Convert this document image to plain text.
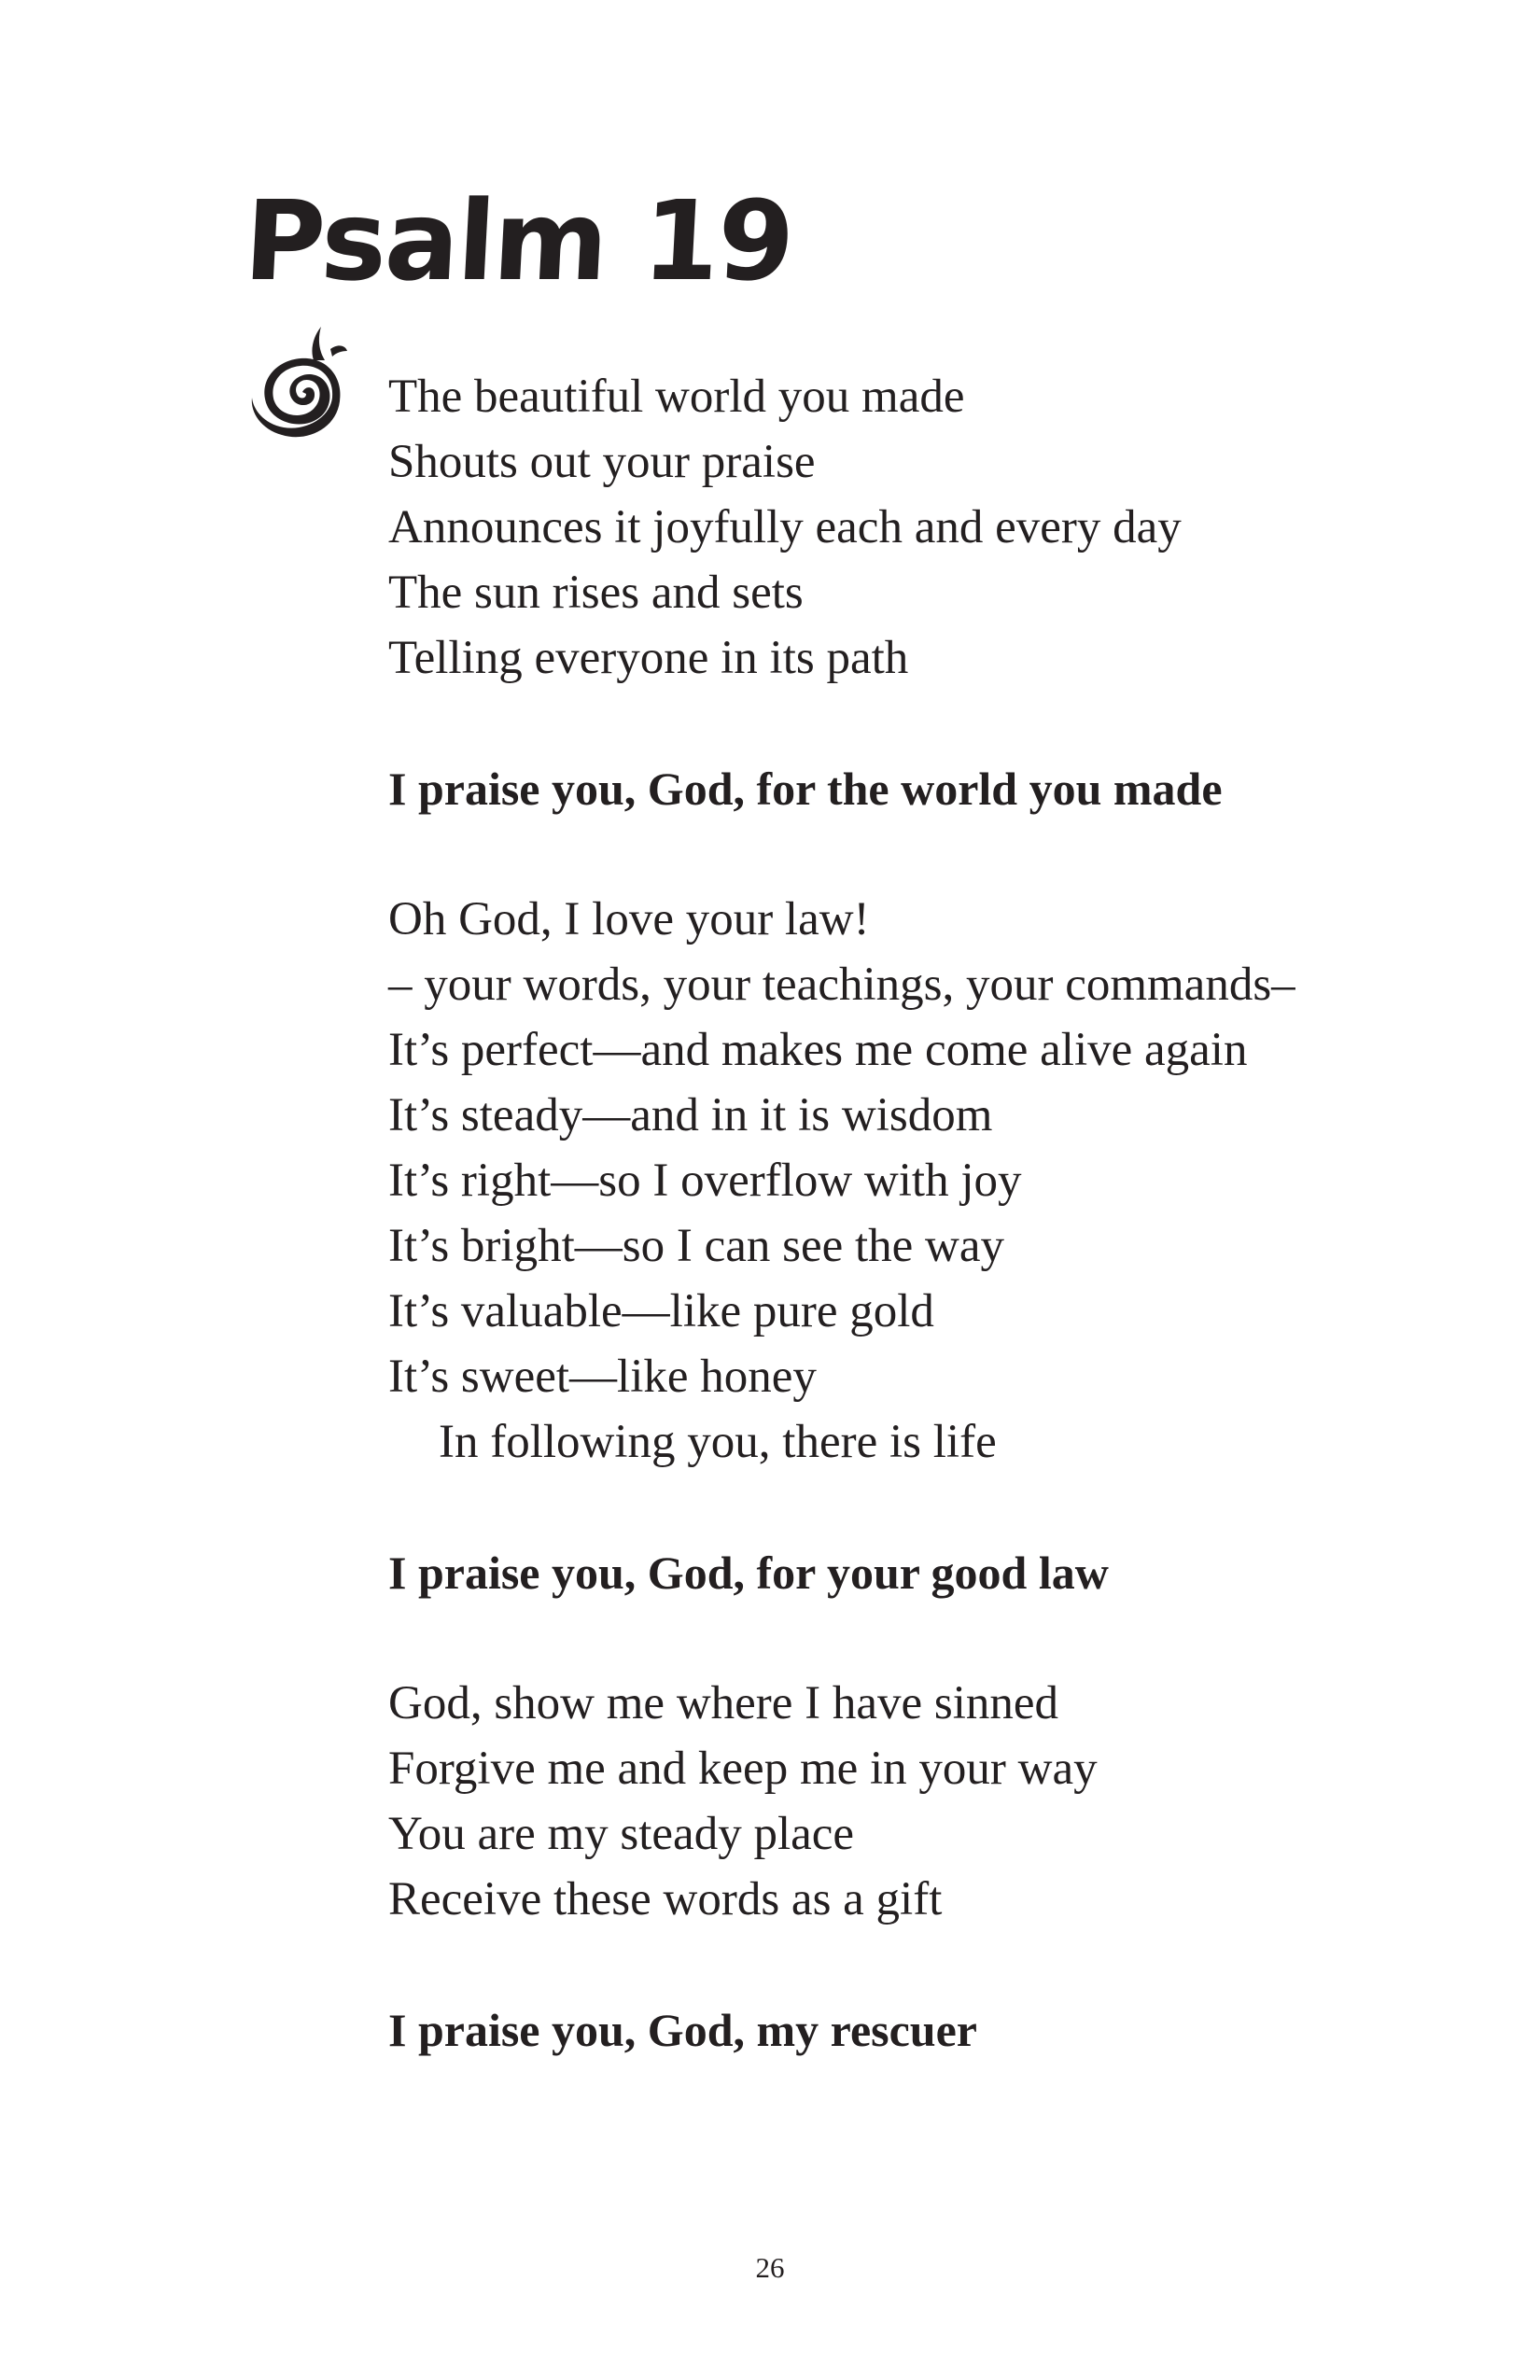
Psalm 19
The beautiful world you made
Shouts out your praise
Announces it joyfully each and every day
The sun rises and sets
Telling everyone in its path
I praise you, God, for the world you made
Oh God, I love your law!
– your words, your teachings, your commands–
It’s perfect—and makes me come alive again
It’s steady—and in it is wisdom
It’s right—so I overflow with joy
It’s bright—so I can see the way
It’s valuable—like pure gold
It’s sweet—like honey
In following you, there is life
I praise you, God, for your good law
God, show me where I have sinned
Forgive me and keep me in your way
You are my steady place
Receive these words as a gift
I praise you, God, my rescuer
26
